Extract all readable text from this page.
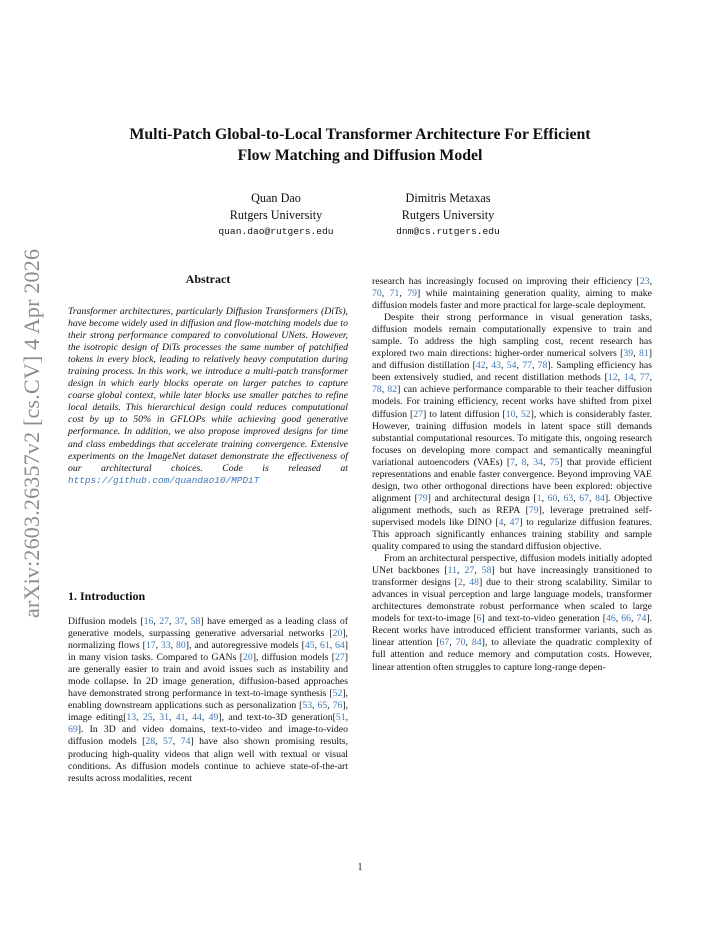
arXiv:2603.26357v2 [cs.CV] 4 Apr 2026
Multi-Patch Global-to-Local Transformer Architecture For Efficient
Flow Matching and Diffusion Model
Quan Dao
Rutgers University
quan.dao@rutgers.edu
Dimitris Metaxas
Rutgers University
dnm@cs.rutgers.edu
Abstract

Transformer architectures, particularly Diffusion Transformers (DiTs), have become widely used in diffusion and flow-matching models due to their strong performance compared to convolutional UNets. However, the isotropic design of DiTs processes the same number of patchified tokens in every block, leading to relatively heavy computation during training process. In this work, we introduce a multi-patch transformer design in which early blocks operate on larger patches to capture coarse global context, while later blocks use smaller patches to refine local details. This hierarchical design could reduces computational cost by up to 50% in GFLOPs while achieving good generative performance. In addition, we also propose improved designs for time and class embeddings that accelerate training convergence. Extensive experiments on the ImageNet dataset demonstrate the effectiveness of our architectural choices. Code is released at https://github.com/quandao10/MPDiT

1. Introduction

Diffusion models [16, 27, 37, 58] have emerged as a leading class of generative models, surpassing generative adversarial networks [20], normalizing flows [17, 33, 80], and autoregressive models [45, 61, 64] in many vision tasks. Compared to GANs [20], diffusion models [27] are generally easier to train and avoid issues such as instability and mode collapse. In 2D image generation, diffusion-based approaches have demonstrated strong performance in text-to-image synthesis [52], enabling downstream applications such as personalization [53, 65, 76], image editing[13, 25, 31, 41, 44, 49], and text-to-3D generation[51, 69]. In 3D and video domains, text-to-video and image-to-video diffusion models [28, 57, 74] have also shown promising results, producing high-quality videos that align well with textual or visual conditions. As diffusion models continue to achieve state-of-the-art results across modalities, recent

research has increasingly focused on improving their efficiency [23, 70, 71, 79] while maintaining generation quality, aiming to make diffusion models faster and more practical for large-scale deployment.

Despite their strong performance in visual generation tasks, diffusion models remain computationally expensive to train and sample. To address the high sampling cost, recent research has explored two main directions: higher-order numerical solvers [39, 81] and diffusion distillation [42, 43, 54, 77, 78]. Sampling efficiency has been extensively studied, and recent distillation methods [12, 14, 77, 78, 82] can achieve performance comparable to their teacher diffusion models. For training efficiency, recent works have shifted from pixel diffusion [27] to latent diffusion [10, 52], which is considerably faster. However, training diffusion models in latent space still demands substantial computational resources. To mitigate this, ongoing research focuses on developing more compact and semantically meaningful variational autoencoders (VAEs) [7, 8, 34, 75] that provide efficient representations and enable faster convergence. Beyond improving VAE design, two other orthogonal directions have been explored: objective alignment [79] and architectural design [1, 60, 63, 67, 84]. Objective alignment methods, such as REPA [79], leverage pretrained self-supervised models like DINO [4, 47] to regularize diffusion features. This approach significantly enhances training stability and sample quality compared to using the standard diffusion objective.

From an architectural perspective, diffusion models initially adopted UNet backbones [11, 27, 58] but have increasingly transitioned to transformer designs [2, 48] due to their strong scalability. Similar to advances in visual perception and large language models, transformer architectures demonstrate robust performance when scaled to large models for text-to-image [6] and text-to-video generation [46, 66, 74]. Recent works have introduced efficient transformer variants, such as linear attention [67, 70, 84], to alleviate the quadratic complexity of full attention and reduce memory and computation costs. However, linear attention often struggles to capture long-range depen-

1
